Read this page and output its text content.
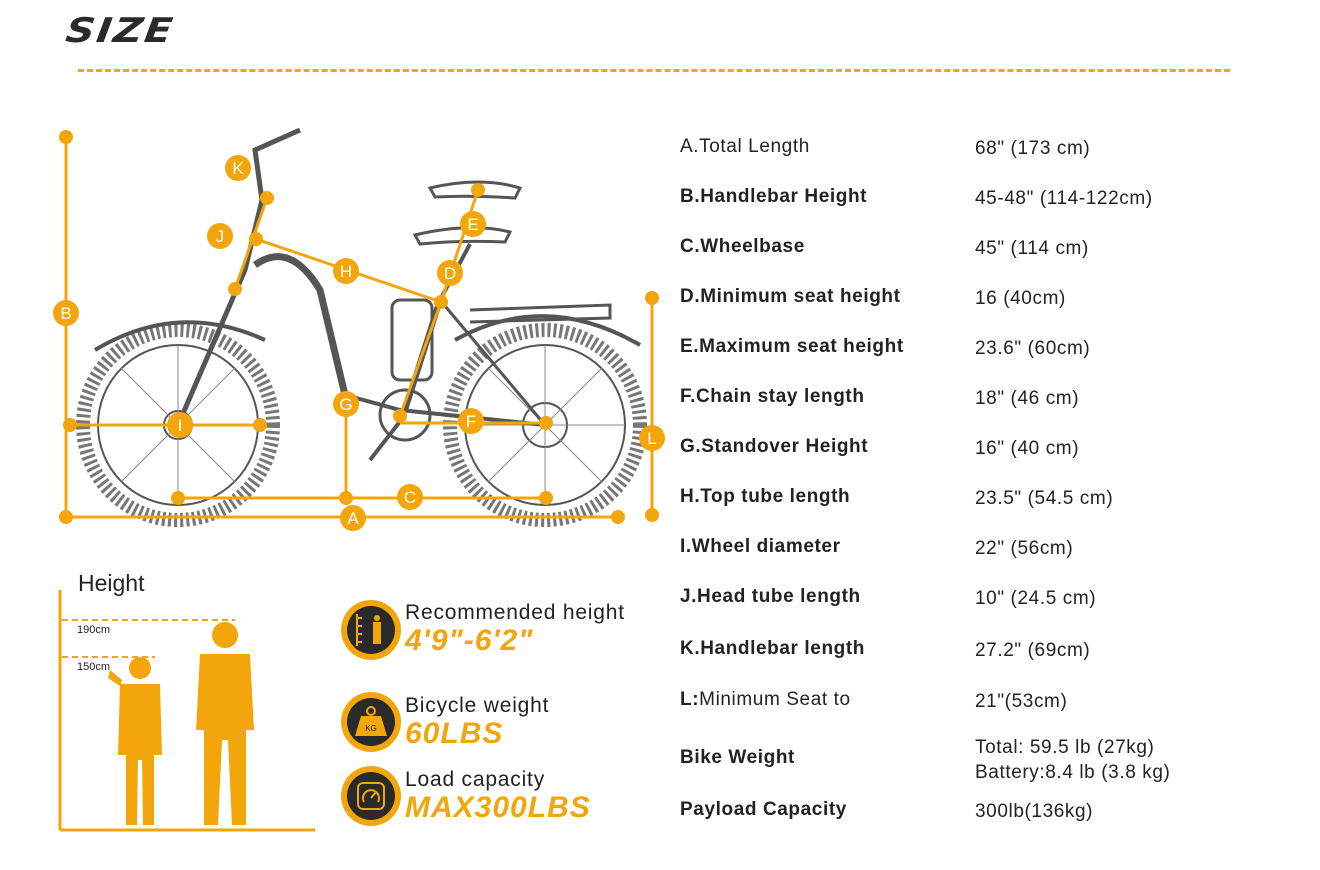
SIZE
A
B
C
D
E
F
G
H
I
J
K
L
A.Total Length	68" (173 cm)
B.Handlebar Height	45-48" (114-122cm)
C.Wheelbase	45" (114 cm)
D.Minimum seat height	16 (40cm)
E.Maximum seat height	23.6" (60cm)
F.Chain stay length	18" (46 cm)
G.Standover Height	16" (40 cm)
H.Top tube length	23.5" (54.5 cm)
I.Wheel diameter	22" (56cm)
J.Head tube length	10" (24.5 cm)
K.Handlebar length	27.2" (69cm)
L:Minimum Seat to	21"(53cm)
Bike Weight	Total: 59.5 lb (27kg)
Battery:8.4 lb (3.8 kg)
Payload Capacity	300lb(136kg)
Height
190cm
150cm
Recommended height
4'9"-6'2"
KG
Bicycle weight
60LBS
Load capacity
MAX300LBS
